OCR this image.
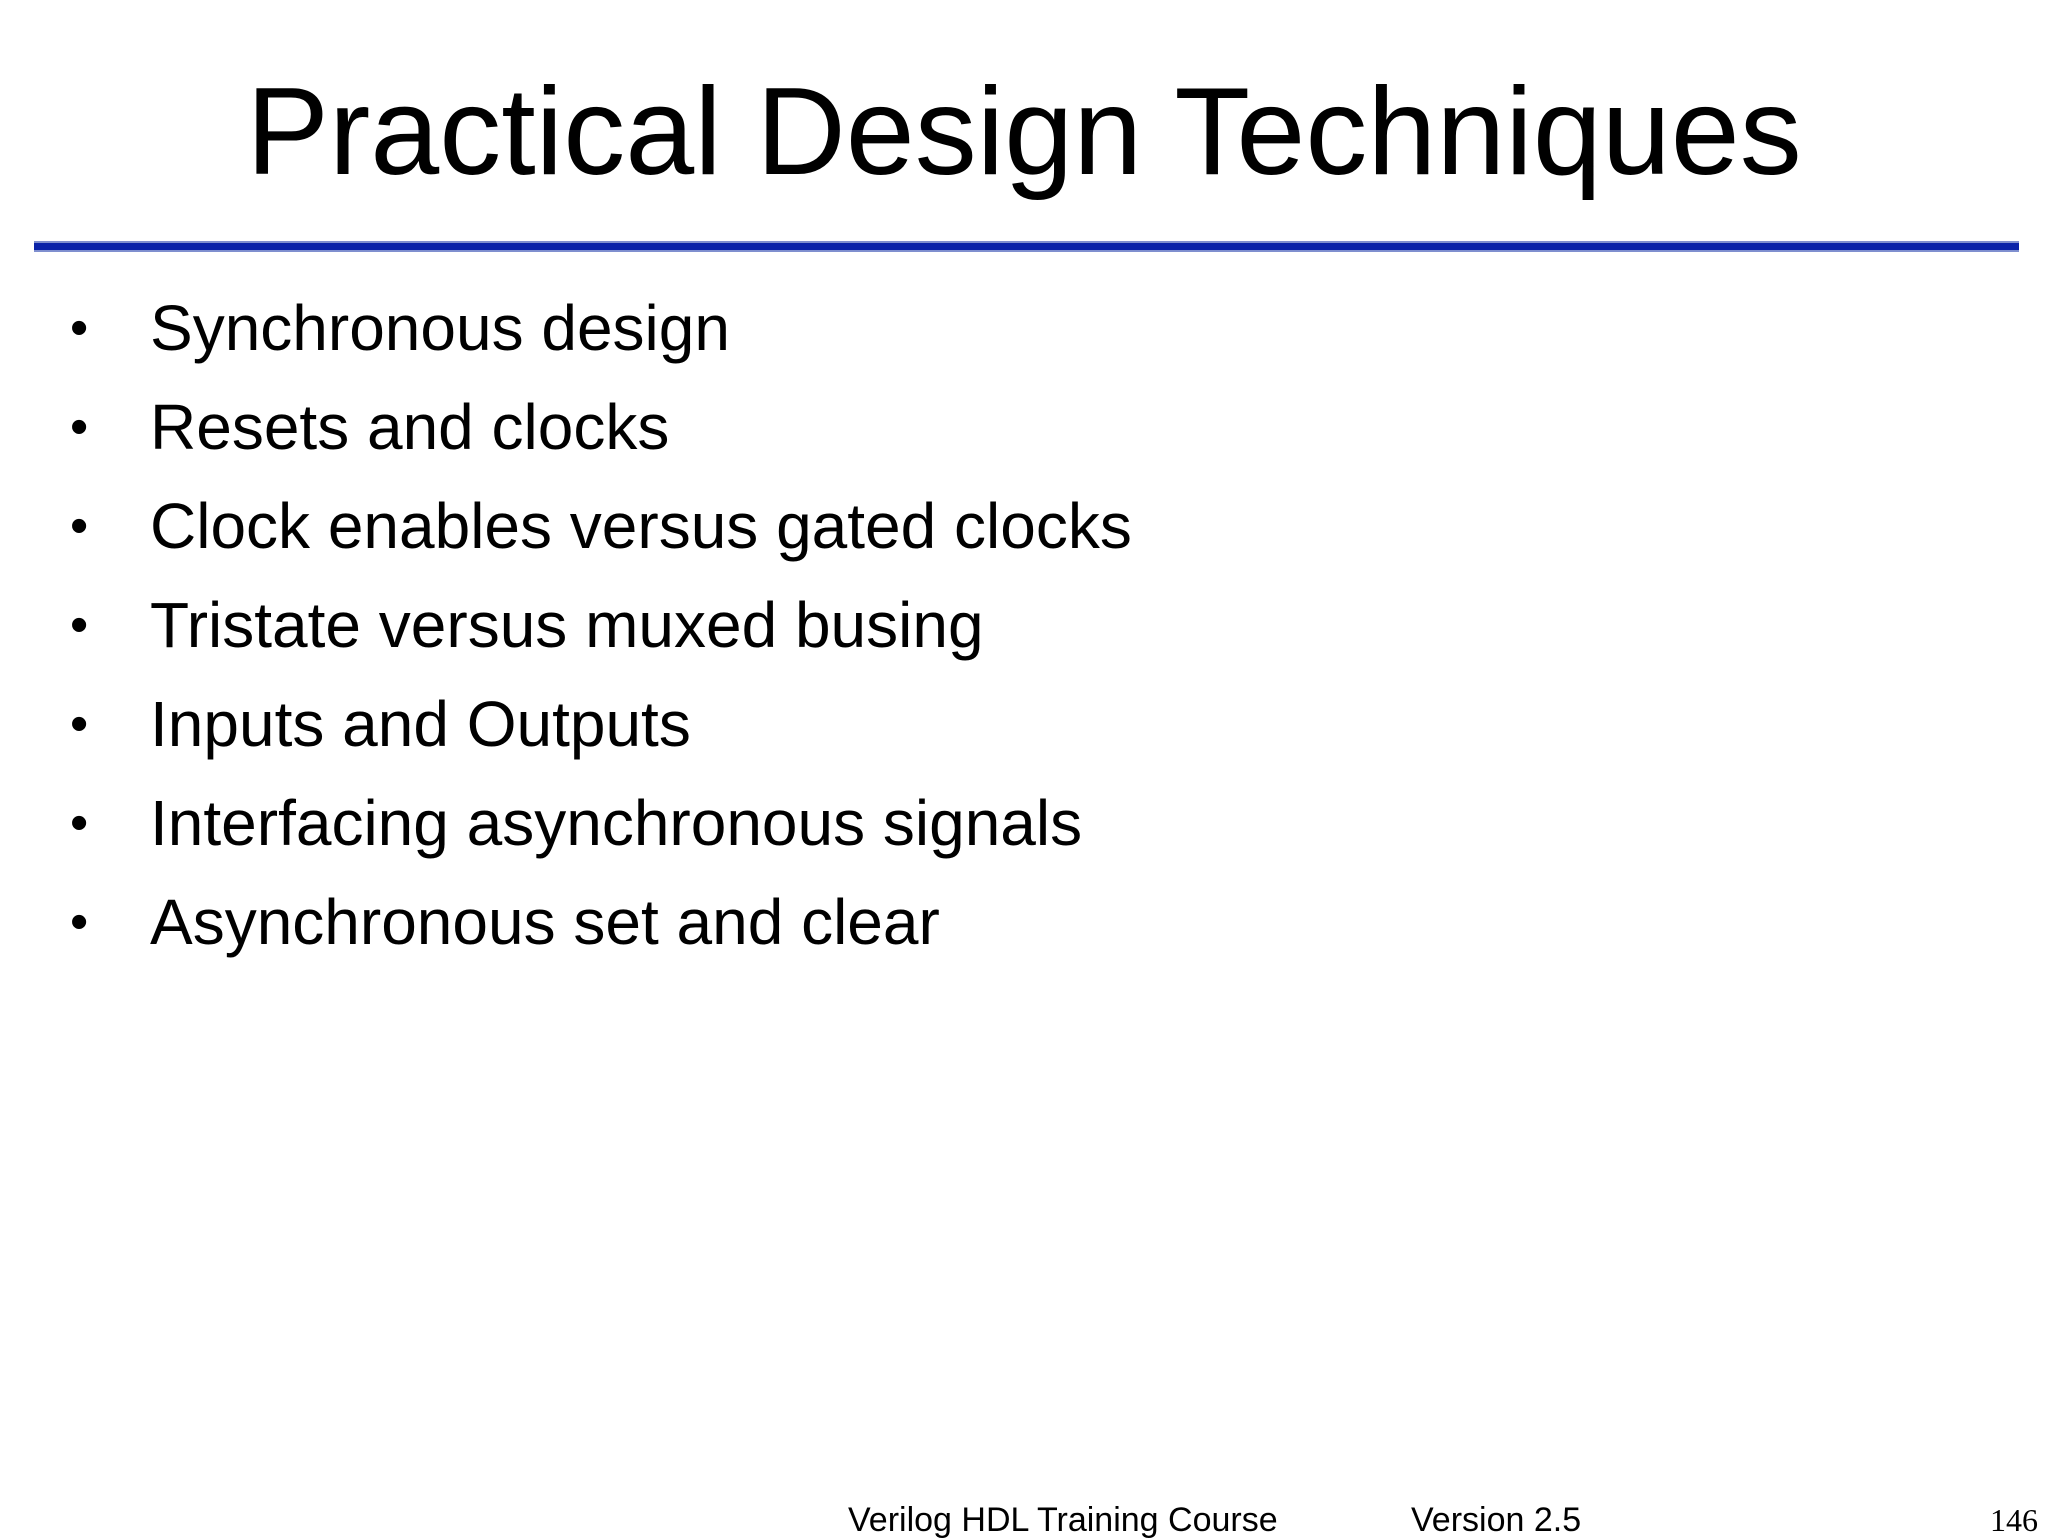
Practical Design Techniques
• Synchronous design
• Resets and clocks
• Clock enables versus gated clocks
• Tristate versus muxed busing
• Inputs and Outputs
• Interfacing asynchronous signals
• Asynchronous set and clear
Verilog HDL Training Course	Version 2.5	146
